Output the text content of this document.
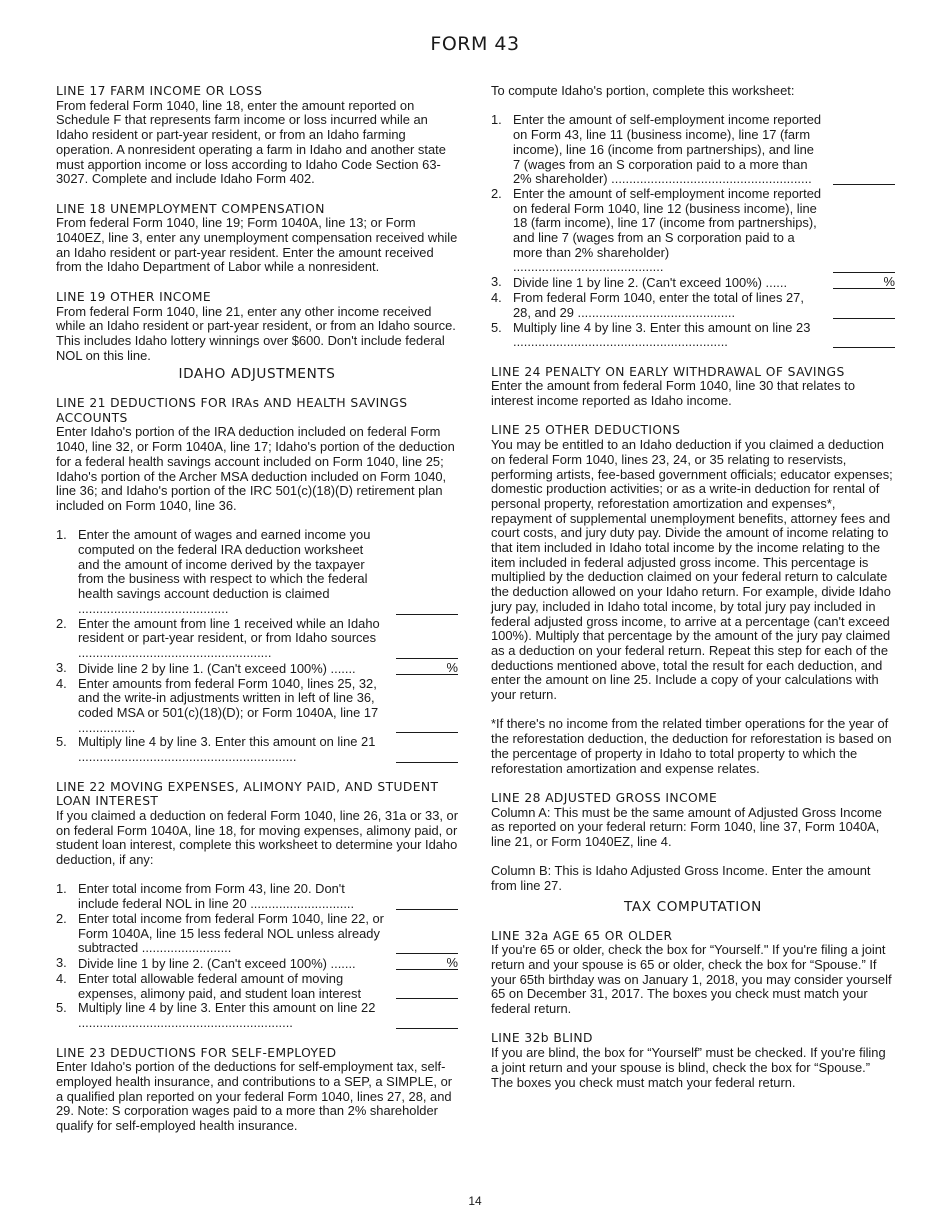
FORM 43
LINE 17 FARM INCOME OR LOSS

From federal Form 1040, line 18, enter the amount reported on Schedule F that represents farm income or loss incurred while an Idaho resident or part-year resident, or from an Idaho farming operation. A nonresident operating a farm in Idaho and another state must apportion income or loss according to Idaho Code Section 63-3027. Complete and include Idaho Form 402.

LINE 18 UNEMPLOYMENT COMPENSATION

From federal Form 1040, line 19; Form 1040A, line 13; or Form 1040EZ, line 3, enter any unemployment compensation received while an Idaho resident or part-year resident. Enter the amount received from the Idaho Department of Labor while a nonresident.

LINE 19 OTHER INCOME

From federal Form 1040, line 21, enter any other income received while an Idaho resident or part-year resident, or from an Idaho source. This includes Idaho lottery winnings over $600. Don't include federal NOL on this line.

IDAHO ADJUSTMENTS
LINE 21 DEDUCTIONS FOR IRAs AND HEALTH SAVINGS ACCOUNTS

Enter Idaho's portion of the IRA deduction included on federal Form 1040, line 32, or Form 1040A, line 17; Idaho's portion of the deduction for a federal health savings account included on Form 1040, line 25; Idaho's portion of the Archer MSA deduction included on Form 1040, line 36; and Idaho's portion of the IRC 501(c)(18)(D) retirement plan included on Form 1040, line 36.

1. Enter the amount of wages and earned income you computed on the federal IRA deduction worksheet and the amount of income derived by the taxpayer from the business with respect to which the federal health savings account deduction is claimed ..........................................
2. Enter the amount from line 1 received while an Idaho resident or part-year resident, or from Idaho sources ......................................................
3. Divide line 2 by line 1. (Can't exceed 100%) .......	%
4. Enter amounts from federal Form 1040, lines 25, 32, and the write-in adjustments written in left of line 36, coded MSA or 501(c)(18)(D); or Form 1040A, line 17 ................
5. Multiply line 4 by line 3. Enter this amount on line 21 .............................................................
LINE 22 MOVING EXPENSES, ALIMONY PAID, AND STUDENT LOAN INTEREST

If you claimed a deduction on federal Form 1040, line 26, 31a or 33, or on federal Form 1040A, line 18, for moving expenses, alimony paid, or student loan interest, complete this worksheet to determine your Idaho deduction, if any:

1. Enter total income from Form 43, line 20. Don't include federal NOL in line 20 .............................
2. Enter total income from federal Form 1040, line 22, or Form 1040A, line 15 less federal NOL unless already subtracted .........................
3. Divide line 1 by line 2. (Can't exceed 100%) .......	%
4. Enter total allowable federal amount of moving expenses, alimony paid, and student loan interest
5. Multiply line 4 by line 3. Enter this amount on line 22 ............................................................
LINE 23 DEDUCTIONS FOR SELF-EMPLOYED

Enter Idaho's portion of the deductions for self-employment tax, self-employed health insurance, and contributions to a SEP, a SIMPLE, or a qualified plan reported on your federal Form 1040, lines 27, 28, and 29. Note: S corporation wages paid to a more than 2% shareholder qualify for self-employed health insurance.

To compute Idaho's portion, complete this worksheet:

1. Enter the amount of self-employment income reported on Form 43, line 11 (business income), line 17 (farm income), line 16 (income from partnerships), and line 7 (wages from an S corporation paid to a more than 2% shareholder) ........................................................
2. Enter the amount of self-employment income reported on federal Form 1040, line 12 (business income), line 18 (farm income), line 17 (income from partnerships), and line 7 (wages from an S corporation paid to a more than 2% shareholder) ..........................................
3. Divide line 1 by line 2. (Can't exceed 100%) ......	%
4. From federal Form 1040, enter the total of lines 27, 28, and 29 ............................................
5. Multiply line 4 by line 3. Enter this amount on line 23 ............................................................
LINE 24 PENALTY ON EARLY WITHDRAWAL OF SAVINGS

Enter the amount from federal Form 1040, line 30 that relates to interest income reported as Idaho income.

LINE 25 OTHER DEDUCTIONS

You may be entitled to an Idaho deduction if you claimed a deduction on federal Form 1040, lines 23, 24, or 35 relating to reservists, performing artists, fee-based government officials; educator expenses; domestic production activities; or as a write-in deduction for rental of personal property, reforestation amortization and expenses*, repayment of supplemental unemployment benefits, attorney fees and court costs, and jury duty pay. Divide the amount of income relating to that item included in Idaho total income by the income relating to the item included in federal adjusted gross income. This percentage is multiplied by the deduction claimed on your federal return to calculate the deduction allowed on your Idaho return. For example, divide Idaho jury pay, included in Idaho total income, by total jury pay included in federal adjusted gross income, to arrive at a percentage (can't exceed 100%). Multiply that percentage by the amount of the jury pay claimed as a deduction on your federal return. Repeat this step for each of the deductions mentioned above, total the result for each deduction, and enter the amount on line 25. Include a copy of your calculations with your return.

*If there's no income from the related timber operations for the year of the reforestation deduction, the deduction for reforestation is based on the percentage of property in Idaho to total property to which the reforestation amortization and expense relates.

LINE 28 ADJUSTED GROSS INCOME

Column A: This must be the same amount of Adjusted Gross Income as reported on your federal return: Form 1040, line 37, Form 1040A, line 21, or Form 1040EZ, line 4.

Column B: This is Idaho Adjusted Gross Income. Enter the amount from line 27.

TAX COMPUTATION
LINE 32a AGE 65 OR OLDER

If you're 65 or older, check the box for “Yourself." If you're filing a joint return and your spouse is 65 or older, check the box for “Spouse.” If your 65th birthday was on January 1, 2018, you may consider yourself 65 on December 31, 2017. The boxes you check must match your federal return.

LINE 32b BLIND

If you are blind, the box for “Yourself” must be checked. If you're filing a joint return and your spouse is blind, check the box for “Spouse.” The boxes you check must match your federal return.

14
